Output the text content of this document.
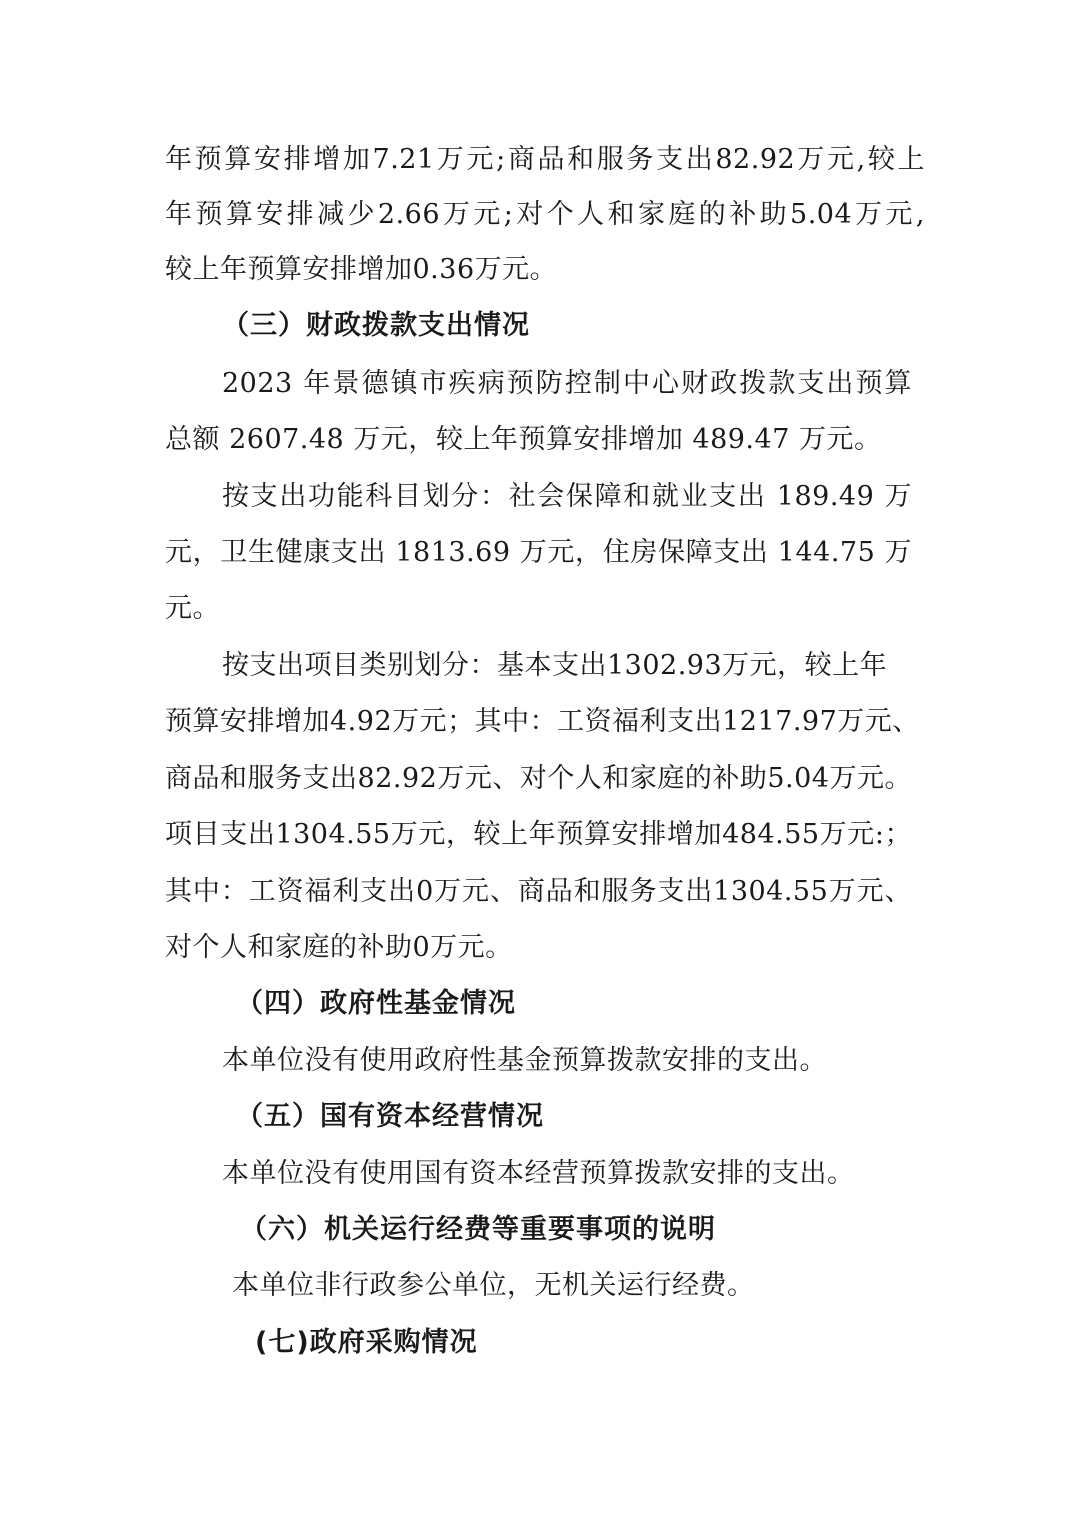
年预算安排增加7.21万元;商品和服务支出82.92万元,较上
年预算安排减少2.66万元;对个人和家庭的补助5.04万元,
较上年预算安排增加0.36万元。
（三）财政拨款支出情况
2023 年景德镇市疾病预防控制中心财政拨款支出预算
总额 2607.48 万元，较上年预算安排增加 489.47 万元。
按支出功能科目划分：社会保障和就业支出 189.49 万
元，卫生健康支出 1813.69 万元，住房保障支出 144.75 万
元。
按支出项目类别划分：基本支出1302.93万元，较上年
预算安排增加4.92万元；其中：工资福利支出1217.97万元、
商品和服务支出82.92万元、对个人和家庭的补助5.04万元。
项目支出1304.55万元，较上年预算安排增加484.55万元:；
其中：工资福利支出0万元、商品和服务支出1304.55万元、
对个人和家庭的补助0万元。
（四）政府性基金情况
本单位没有使用政府性基金预算拨款安排的支出。
（五）国有资本经营情况
本单位没有使用国有资本经营预算拨款安排的支出。
（六）机关运行经费等重要事项的说明
本单位非行政参公单位，无机关运行经费。
(七)政府采购情况
